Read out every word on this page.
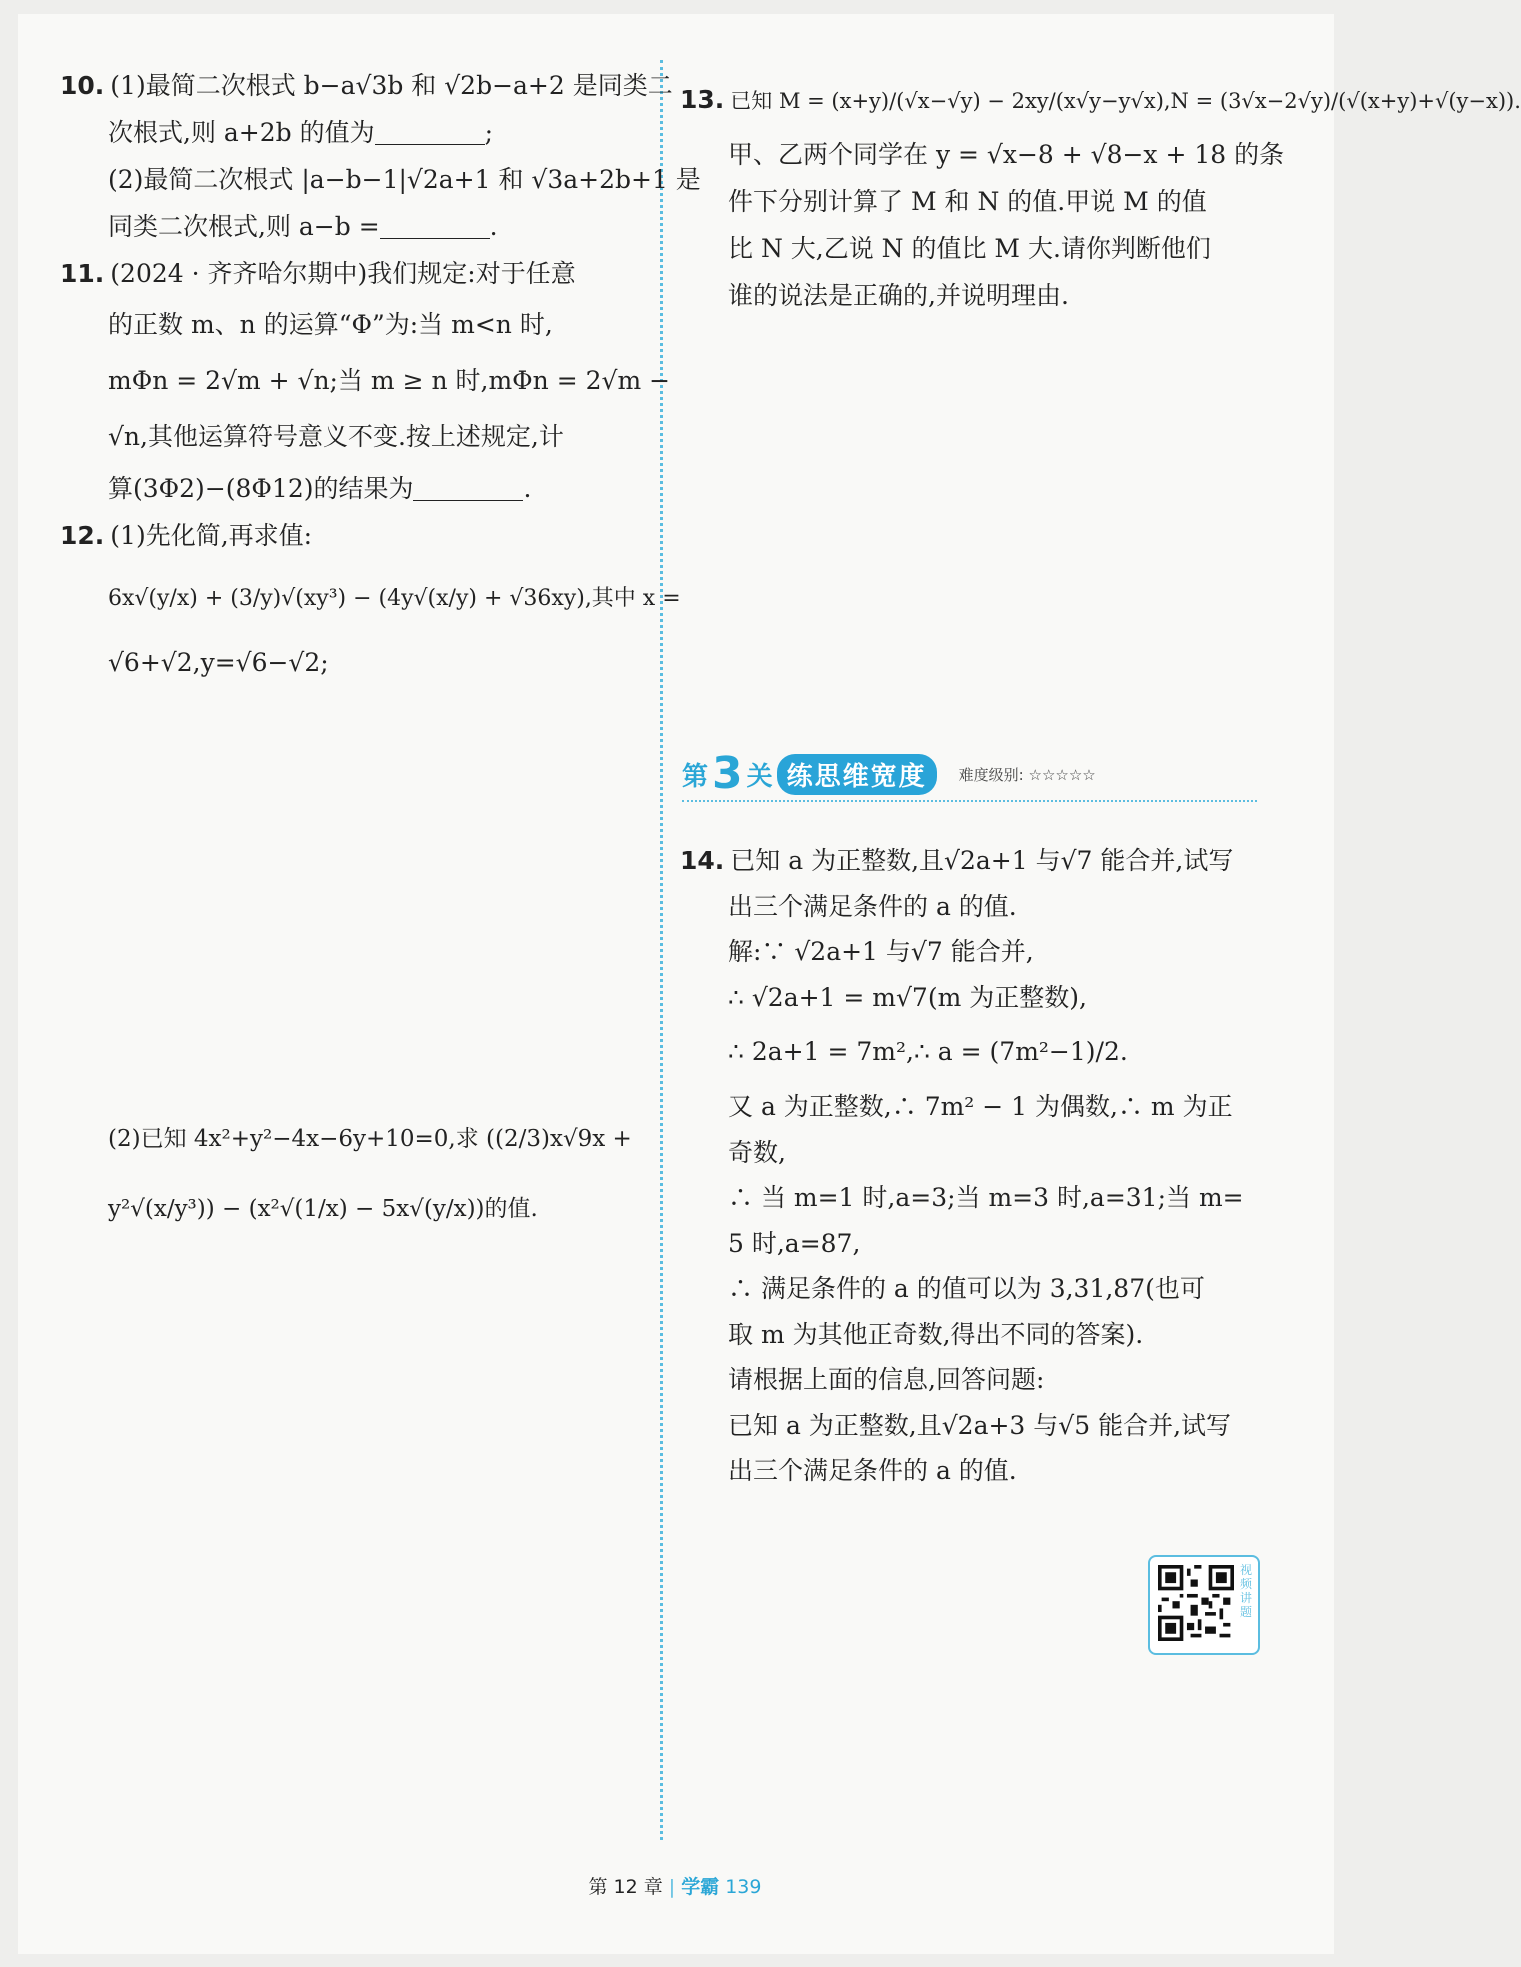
10. (1)最简二次根式 b−a√3b 和 √2b−a+2 是同类二

次根式,则 a+2b 的值为	;

(2)最简二次根式 |a−b−1|√2a+1 和 √3a+2b+1 是

同类二次根式,则 a−b =	.

11. (2024 · 齐齐哈尔期中)我们规定:对于任意

的正数 m、n 的运算“Φ”为:当 m<n 时,

mΦn = 2√m + √n;当 m ≥ n 时,mΦn = 2√m −

√n,其他运算符号意义不变.按上述规定,计

算(3Φ2)−(8Φ12)的结果为	.

12. (1)先化简,再求值:

6x√(y/x) + (3/y)√(xy³) − (4y√(x/y) + √36xy),其中 x =

√6+√2,y=√6−√2;

(2)已知 4x²+y²−4x−6y+10=0,求 ((2/3)x√9x +

y²√(x/y³)) − (x²√(1/x) − 5x√(y/x))的值.

13. 已知 M = (x+y)/(√x−√y) − 2xy/(x√y−y√x),N = (3√x−2√y)/(√(x+y)+√(y−x)).

甲、乙两个同学在 y = √x−8 + √8−x + 18 的条

件下分别计算了 M 和 N 的值.甲说 M 的值

比 N 大,乙说 N 的值比 M 大.请你判断他们

谁的说法是正确的,并说明理由.

第 3 关 练思维宽度	难度级别: ☆☆☆☆☆

14. 已知 a 为正整数,且√2a+1 与√7 能合并,试写

出三个满足条件的 a 的值.

解:∵ √2a+1 与√7 能合并,

∴ √2a+1 = m√7(m 为正整数),

∴ 2a+1 = 7m²,∴ a = (7m²−1)/2.

又 a 为正整数,∴ 7m² − 1 为偶数,∴ m 为正

奇数,

∴ 当 m=1 时,a=3;当 m=3 时,a=31;当 m=

5 时,a=87,

∴ 满足条件的 a 的值可以为 3,31,87(也可

取 m 为其他正奇数,得出不同的答案).

请根据上面的信息,回答问题:

已知 a 为正整数,且√2a+3 与√5 能合并,试写

出三个满足条件的 a 的值.

视频讲题
第 12 章 | 学霸 139
